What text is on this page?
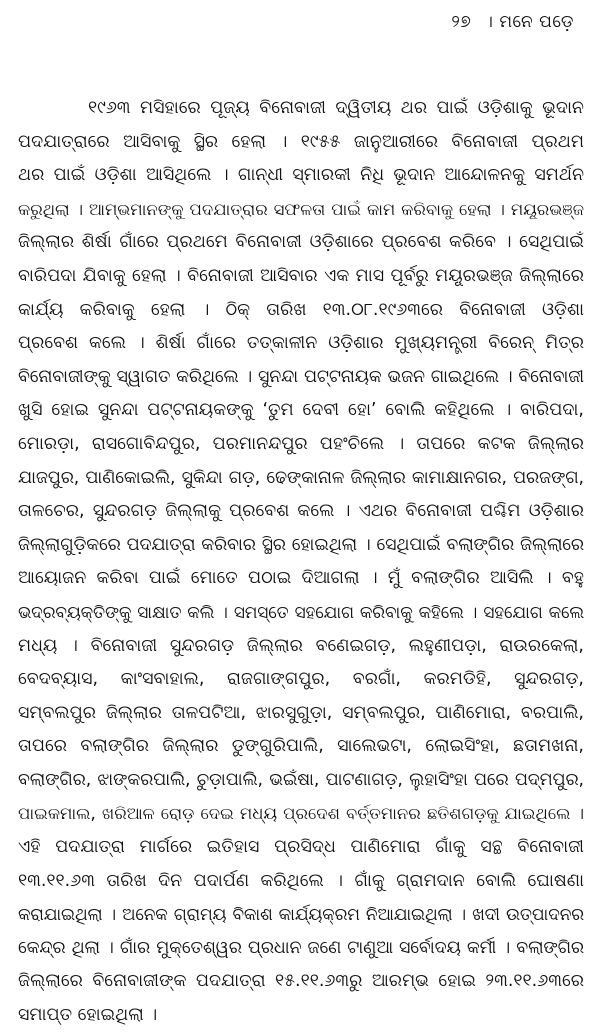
୨୭ । ମନେ ପଡ଼େ
୧୯୬୩ ମସିହାରେ ପୂଜ୍ୟ ବିନୋବାଜୀ ଦ୍ୱିତୀୟ ଥର ପାଇଁ ଓଡ଼ିଶାକୁ ଭୂଦାନ
ପଦଯାତ୍ରାରେ ଆସିବାକୁ ସ୍ଥିର ହେଲା । ୧୯୫୫ ଜାନୁଆରୀରେ ବିନୋବାଜୀ ପ୍ରଥମ
ଥର ପାଇଁ ଓଡ଼ିଶା ଆସିଥିଲେ । ଗାନ୍ଧୀ ସ୍ମାରକୀ ନିଧି ଭୂଦାନ ଆନ୍ଦୋଳନକୁ ସମର୍ଥନ
କରୁଥିଲା । ଆମ୍ଭମାନଙ୍କୁ ପଦଯାତ୍ରାର ସଫଳତା ପାଇଁ କାମ କରିବାକୁ ହେଲା । ମୟୂରଭଞ୍ଜ
ଜିଲ୍ଲାର ଶିର୍ଷା ଗାଁରେ ପ୍ରଥମେ ବିନୋବାଜୀ ଓଡ଼ିଶାରେ ପ୍ରବେଶ କରିବେ । ସେଥିପାଇଁ
ବାରିପଦା ଯିବାକୁ ହେଲା । ବିନୋବାଜୀ ଆସିବାର ଏକ ମାସ ପୂର୍ବରୁ ମୟୂରଭଞ୍ଜ ଜିଲ୍ଲାରେ
କାର୍ଯ୍ୟ କରିବାକୁ ହେଲା । ଠିକ୍ ତାରିଖ ୧୩.୦୮.୧୯୬୩ରେ ବିନୋବାଜୀ ଓଡ଼ିଶା
ପ୍ରବେଶ କଲେ । ଶିର୍ଷା ଗାଁରେ ତତ୍କାଳୀନ ଓଡ଼ିଶାର ମୁଖ୍ୟମନ୍ତ୍ରୀ ବିରେନ୍ ମିତ୍ର
ବିନୋବାଜୀଙ୍କୁ ସ୍ୱାଗତ କରିଥିଲେ । ସୁନନ୍ଦା ପଟ୍ଟନାୟକ ଭଜନ ଗାଇଥିଲେ । ବିନୋବାଜୀ
ଖୁସି ହୋଇ ସୁନନ୍ଦା ପଟ୍ଟନାୟକଙ୍କୁ ‘ତୁମ ଦେବୀ ହୋ’ ବୋଲି କହିଥିଲେ । ବାରିପଦା,
ମୋରଡ଼ା, ରାସଗୋବିନ୍ଦପୁର, ପରମାନନ୍ଦପୁର ପହଂଚିଲେ । ତାପରେ କଟକ ଜିଲ୍ଲାର
ଯାଜପୁର, ପାଣିକୋଇଲି, ସୁକିନ୍ଦା ଗଡ଼, ଢେଙ୍କାନାଳ ଜିଲ୍ଲାର କାମାକ୍ଷାନଗର, ପରଜଙ୍ଗ,
ତାଳଚେର, ସୁନ୍ଦରଗଡ଼ ଜିଲ୍ଲାକୁ ପ୍ରବେଶ କଲେ । ଏଥର ବିନୋବାଜୀ ପଶ୍ଚିମ ଓଡ଼ିଶାର
ଜିଲ୍ଲାଗୁଡ଼ିକରେ ପଦଯାତ୍ରା କରିବାର ସ୍ଥିର ହୋଇଥିଲା । ସେଥିପାଇଁ ବଲାଙ୍ଗିର ଜିଲ୍ଲାରେ
ଆୟୋଜନ କରିବା ପାଇଁ ମୋତେ ପଠାଇ ଦିଆଗଲା । ମୁଁ ବଲାଙ୍ଗିର ଆସିଲି । ବହୁ
ଭଦ୍ରବ୍ୟକ୍ତିଙ୍କୁ ସାକ୍ଷାତ କଲି । ସମସ୍ତେ ସହଯୋଗ କରିବାକୁ କହିଲେ । ସହଯୋଗ କଲେ
ମଧ୍ୟ । ବିନୋବାଜୀ ସୁନ୍ଦରଗଡ଼ ଜିଲ୍ଲାର ବଣେଇଗଡ଼, ଲହୁଣୀପଡ଼ା, ରାଉରକେଲା,
ବେଦବ୍ୟାସ, କାଂସବାହାଲ, ରାଜଗାଙ୍ଗପୁର, ବରଗାଁ, କରମଡିହି, ସୁନ୍ଦରଗଡ଼,
ସମ୍ବଲପୁର ଜିଲ୍ଲାର ତାଳପଟିଆ, ଝାରସୁଗୁଡ଼ା, ସମ୍ବଲପୁର, ପାଣିମୋରା, ବରପାଲି,
ତାପରେ ବଲାଙ୍ଗିର ଜିଲ୍ଲାର ଡୁଙ୍ଗୁରିପାଲି, ସାଲେଭଟା, ଲୋଇସିଂହା, ଛତାମଖନା,
ବଲାଙ୍ଗିର, ଝାଙ୍କରପାଲି, ଚୁଡ଼ାପାଲି, ଭଇଁଷା, ପାଟଣାଗଡ଼, ଲୁହାସିଂହା ପରେ ପଦ୍ମପୁର,
ପାଇକମାଲ, ଖରିଆଳ ରୋଡ଼ ଦେଇ ମଧ୍ୟ ପ୍ରଦେଶ ବର୍ତ୍ତମାନର ଛତିଶଗଡ଼କୁ ଯାଇଥିଲେ ।
ଏହି ପଦଯାତ୍ରା ମାର୍ଗରେ ଇତିହାସ ପ୍ରସିଦ୍ଧ ପାଣିମୋରା ଗାଁକୁ ସନ୍ଥ ବିନୋବାଜୀ
୧୩.୧୧.୬୩ ତାରିଖ ଦିନ ପଦାର୍ପଣ କରିଥିଲେ । ଗାଁକୁ ଗ୍ରାମଦାନ ବୋଲି ଘୋଷଣା
କରାଯାଇଥିଲା । ଅନେକ ଗ୍ରାମ୍ୟ ବିକାଶ କାର୍ଯ୍ୟକ୍ରମ ନିଆଯାଇଥିଲା । ଖଦୀ ଉତ୍ପାଦନର
କେନ୍ଦ୍ର ଥିଲା । ଗାଁର ମୁକ୍ତେଶ୍ୱର ପ୍ରଧାନ ଜଣେ ଟାଣୁଆ ସର୍ବୋଦୟ କର୍ମୀ । ବଲାଙ୍ଗିର
ଜିଲ୍ଲାରେ ବିନୋବାଜୀଙ୍କ ପଦଯାତ୍ରା ୧୫.୧୧.୬୩ରୁ ଆରମ୍ଭ ହୋଇ ୨୩.୧୧.୬୩ରେ
ସମାପ୍ତ ହୋଇଥିଲା ।
